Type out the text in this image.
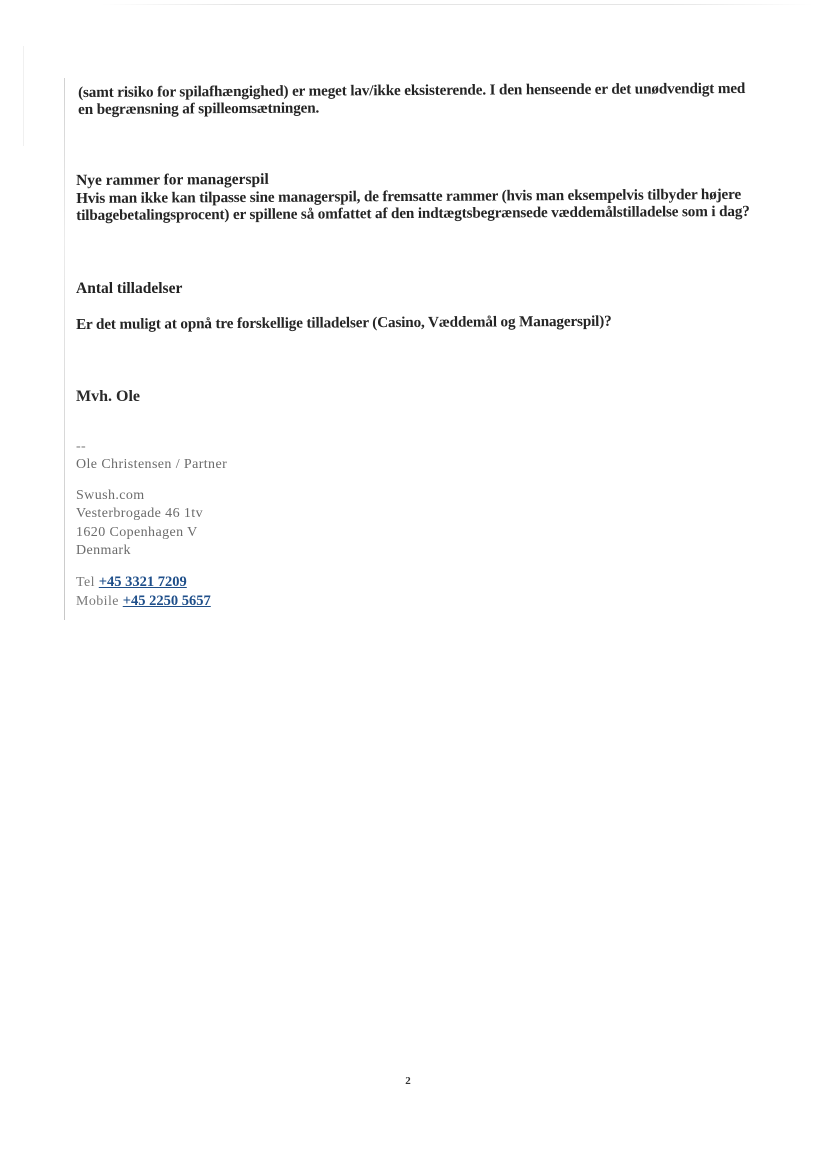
(samt risiko for spilafhængighed) er meget lav/ikke eksisterende. I den henseende er det unødvendigt med
en begrænsning af spilleomsætningen.
Nye rammer for managerspil
Hvis man ikke kan tilpasse sine managerspil, de fremsatte rammer (hvis man eksempelvis tilbyder højere
tilbagebetalingsprocent) er spillene så omfattet af den indtægtsbegrænsede væddemålstilladelse som i dag?
Antal tilladelser
Er det muligt at opnå tre forskellige tilladelser (Casino, Væddemål og Managerspil)?
Mvh. Ole
--
Ole Christensen / Partner
Swush.com
Vesterbrogade 46 1tv
1620 Copenhagen V
Denmark
Tel +45 3321 7209
Mobile +45 2250 5657
2
